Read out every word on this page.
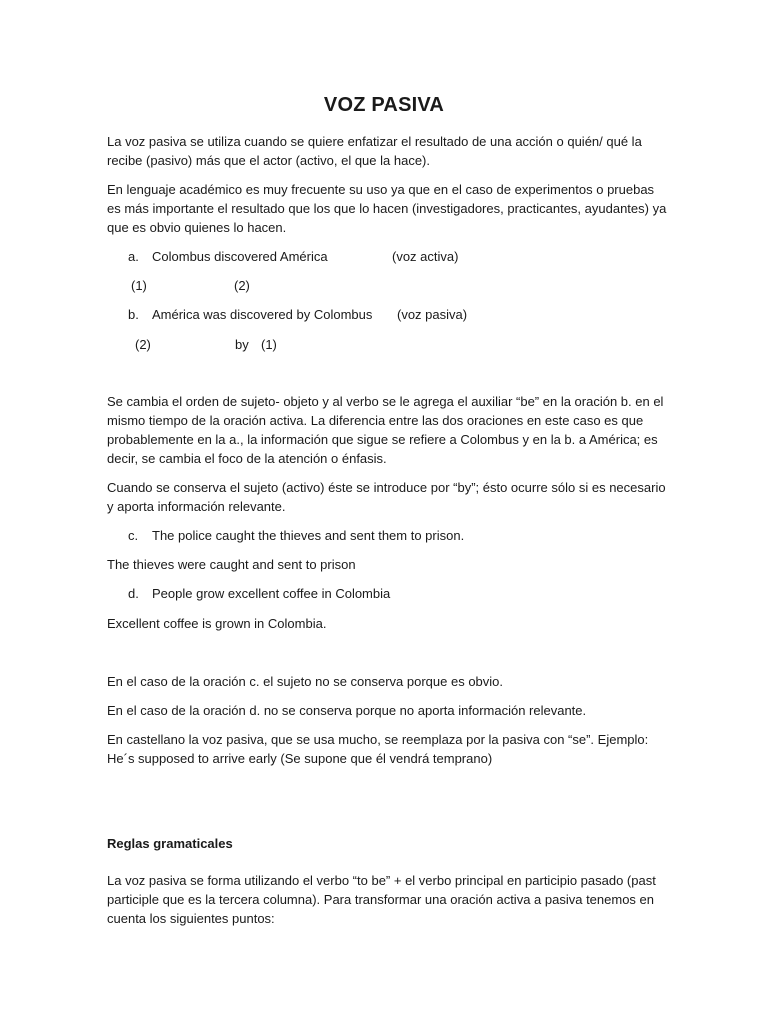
VOZ PASIVA

La voz pasiva se utiliza cuando se quiere enfatizar el resultado de una acción o quién/ qué la recibe (pasivo) más que el actor (activo, el que la hace).

En lenguaje académico es muy frecuente su uso ya que en el caso de experimentos o pruebas es más importante el resultado que los que lo hacen (investigadores, practicantes, ayudantes) ya que es obvio quienes lo hacen.

a. Colombus discovered América	(voz activa)
(1)	(2)
b. América was discovered by Colombus (voz pasiva)
(2)	by (1)

Se cambia el orden de sujeto- objeto y al verbo se le agrega el auxiliar “be” en la oración b. en el mismo tiempo de la oración activa. La diferencia entre las dos oraciones en este caso es que probablemente en la a., la información que sigue se refiere a Colombus y en la b. a América; es decir, se cambia el foco de la atención o énfasis.

Cuando se conserva el sujeto (activo) éste se introduce por “by”; ésto ocurre sólo si es necesario y aporta información relevante.

c. The police caught the thieves and sent them to prison.

The thieves were caught and sent to prison

d. People grow excellent coffee in Colombia

Excellent coffee is grown in Colombia.

En el caso de la oración c. el sujeto no se conserva porque es obvio.

En el caso de la oración d. no se conserva porque no aporta información relevante.

En castellano la voz pasiva, que se usa mucho, se reemplaza por la pasiva con “se”. Ejemplo: He´s supposed to arrive early (Se supone que él vendrá temprano)

Reglas gramaticales

La voz pasiva se forma utilizando el verbo “to be” + el verbo principal en participio pasado (past participle que es la tercera columna). Para transformar una oración activa a pasiva tenemos en cuenta los siguientes puntos:
